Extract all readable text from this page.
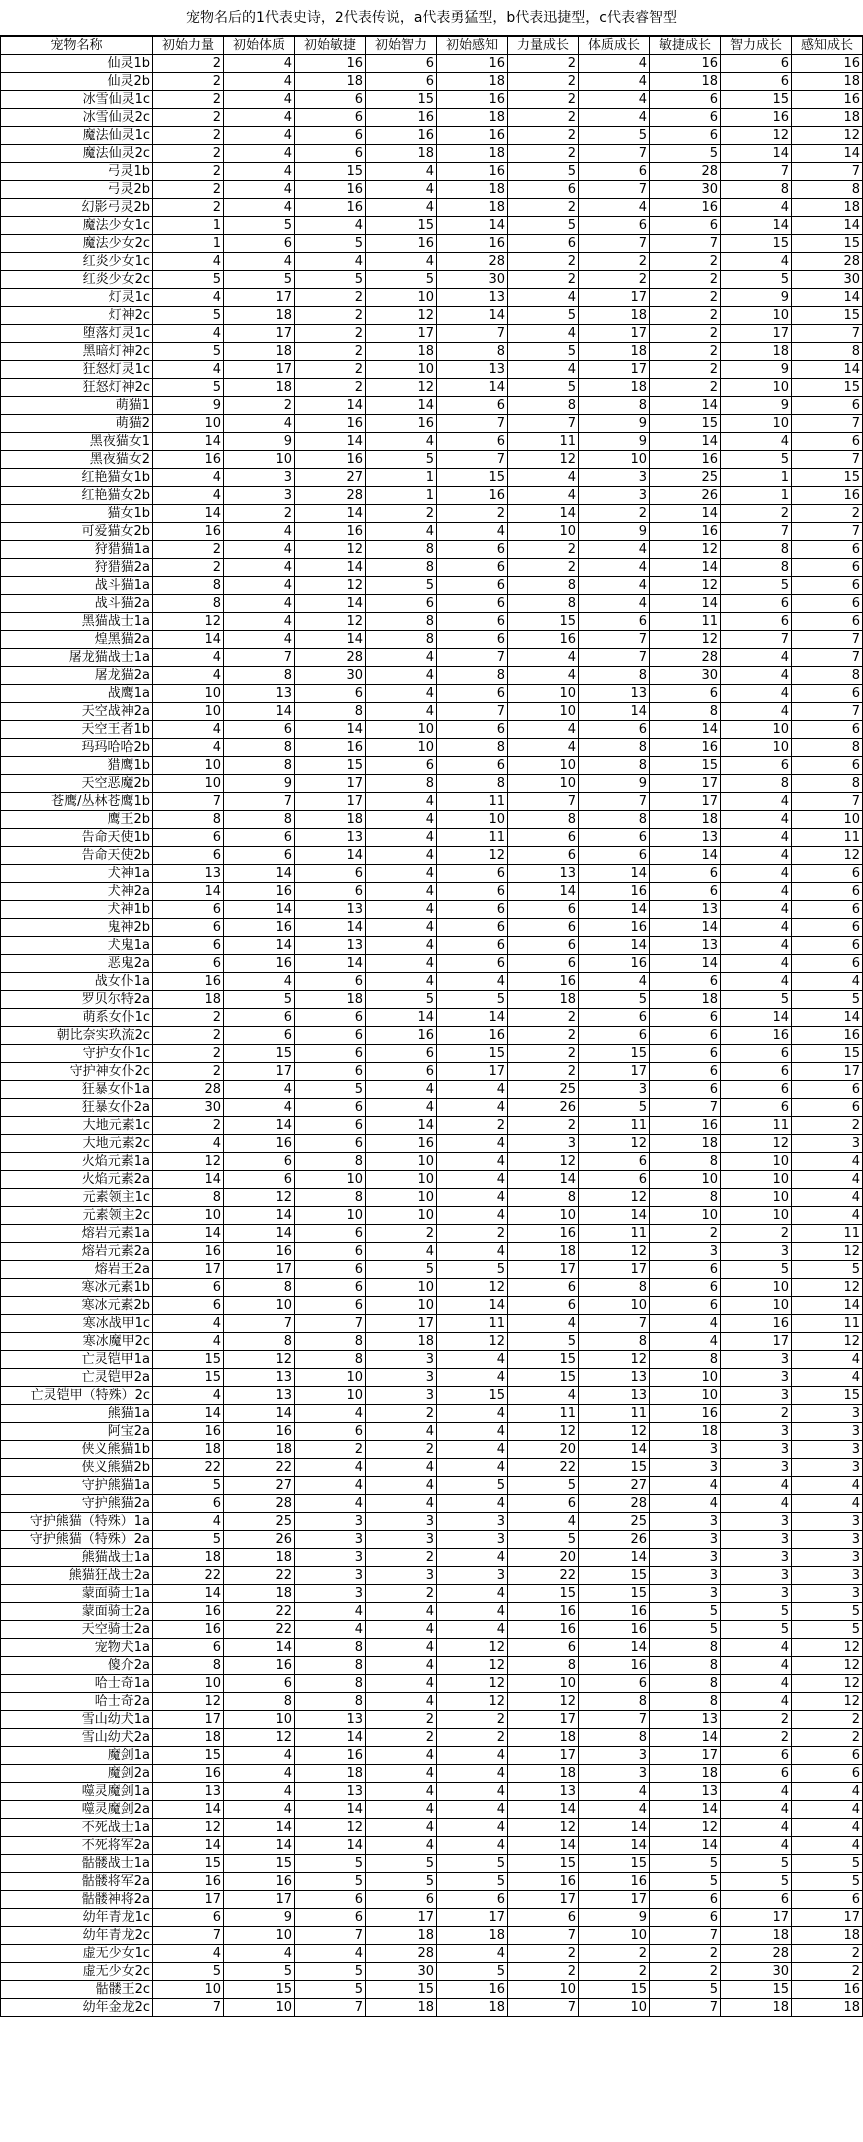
宠物名后的1代表史诗，2代表传说，a代表勇猛型，b代表迅捷型，c代表睿智型
宠物名称	初始力量	初始体质	初始敏捷	初始智力	初始感知	力量成长	体质成长	敏捷成长	智力成长	感知成长
仙灵1b	2	4	16	6	16	2	4	16	6	16
仙灵2b	2	4	18	6	18	2	4	18	6	18
冰雪仙灵1c	2	4	6	15	16	2	4	6	15	16
冰雪仙灵2c	2	4	6	16	18	2	4	6	16	18
魔法仙灵1c	2	4	6	16	16	2	5	6	12	12
魔法仙灵2c	2	4	6	18	18	2	7	5	14	14
弓灵1b	2	4	15	4	16	5	6	28	7	7
弓灵2b	2	4	16	4	18	6	7	30	8	8
幻影弓灵2b	2	4	16	4	18	2	4	16	4	18
魔法少女1c	1	5	4	15	14	5	6	6	14	14
魔法少女2c	1	6	5	16	16	6	7	7	15	15
红炎少女1c	4	4	4	4	28	2	2	2	4	28
红炎少女2c	5	5	5	5	30	2	2	2	5	30
灯灵1c	4	17	2	10	13	4	17	2	9	14
灯神2c	5	18	2	12	14	5	18	2	10	15
堕落灯灵1c	4	17	2	17	7	4	17	2	17	7
黑暗灯神2c	5	18	2	18	8	5	18	2	18	8
狂怒灯灵1c	4	17	2	10	13	4	17	2	9	14
狂怒灯神2c	5	18	2	12	14	5	18	2	10	15
萌猫1	9	2	14	14	6	8	8	14	9	6
萌猫2	10	4	16	16	7	7	9	15	10	7
黑夜猫女1	14	9	14	4	6	11	9	14	4	6
黑夜猫女2	16	10	16	5	7	12	10	16	5	7
红艳猫女1b	4	3	27	1	15	4	3	25	1	15
红艳猫女2b	4	3	28	1	16	4	3	26	1	16
猫女1b	14	2	14	2	2	14	2	14	2	2
可爱猫女2b	16	4	16	4	4	10	9	16	7	7
狩猎猫1a	2	4	12	8	6	2	4	12	8	6
狩猎猫2a	2	4	14	8	6	2	4	14	8	6
战斗猫1a	8	4	12	5	6	8	4	12	5	6
战斗猫2a	8	4	14	6	6	8	4	14	6	6
黑猫战士1a	12	4	12	8	6	15	6	11	6	6
煌黑猫2a	14	4	14	8	6	16	7	12	7	7
屠龙猫战士1a	4	7	28	4	7	4	7	28	4	7
屠龙猫2a	4	8	30	4	8	4	8	30	4	8
战鹰1a	10	13	6	4	6	10	13	6	4	6
天空战神2a	10	14	8	4	7	10	14	8	4	7
天空王者1b	4	6	14	10	6	4	6	14	10	6
玛玛哈哈2b	4	8	16	10	8	4	8	16	10	8
猎鹰1b	10	8	15	6	6	10	8	15	6	6
天空恶魔2b	10	9	17	8	8	10	9	17	8	8
苍鹰/丛林苍鹰1b	7	7	17	4	11	7	7	17	4	7
鹰王2b	8	8	18	4	10	8	8	18	4	10
告命天使1b	6	6	13	4	11	6	6	13	4	11
告命天使2b	6	6	14	4	12	6	6	14	4	12
犬神1a	13	14	6	4	6	13	14	6	4	6
犬神2a	14	16	6	4	6	14	16	6	4	6
犬神1b	6	14	13	4	6	6	14	13	4	6
鬼神2b	6	16	14	4	6	6	16	14	4	6
犬鬼1a	6	14	13	4	6	6	14	13	4	6
恶鬼2a	6	16	14	4	6	6	16	14	4	6
战女仆1a	16	4	6	4	4	16	4	6	4	4
罗贝尔特2a	18	5	18	5	5	18	5	18	5	5
萌系女仆1c	2	6	6	14	14	2	6	6	14	14
朝比奈实玖流2c	2	6	6	16	16	2	6	6	16	16
守护女仆1c	2	15	6	6	15	2	15	6	6	15
守护神女仆2c	2	17	6	6	17	2	17	6	6	17
狂暴女仆1a	28	4	5	4	4	25	3	6	6	6
狂暴女仆2a	30	4	6	4	4	26	5	7	6	6
大地元素1c	2	14	6	14	2	2	11	16	11	2
大地元素2c	4	16	6	16	4	3	12	18	12	3
火焰元素1a	12	6	8	10	4	12	6	8	10	4
火焰元素2a	14	6	10	10	4	14	6	10	10	4
元素领主1c	8	12	8	10	4	8	12	8	10	4
元素领主2c	10	14	10	10	4	10	14	10	10	4
熔岩元素1a	14	14	6	2	2	16	11	2	2	11
熔岩元素2a	16	16	6	4	4	18	12	3	3	12
熔岩王2a	17	17	6	5	5	17	17	6	5	5
寒冰元素1b	6	8	6	10	12	6	8	6	10	12
寒冰元素2b	6	10	6	10	14	6	10	6	10	14
寒冰战甲1c	4	7	7	17	11	4	7	4	16	11
寒冰魔甲2c	4	8	8	18	12	5	8	4	17	12
亡灵铠甲1a	15	12	8	3	4	15	12	8	3	4
亡灵铠甲2a	15	13	10	3	4	15	13	10	3	4
亡灵铠甲（特殊）2c	4	13	10	3	15	4	13	10	3	15
熊猫1a	14	14	4	2	4	11	11	16	2	3
阿宝2a	16	16	6	4	4	12	12	18	3	3
侠义熊猫1b	18	18	2	2	4	20	14	3	3	3
侠义熊猫2b	22	22	4	4	4	22	15	3	3	3
守护熊猫1a	5	27	4	4	5	5	27	4	4	4
守护熊猫2a	6	28	4	4	4	6	28	4	4	4
守护熊猫（特殊）1a	4	25	3	3	3	4	25	3	3	3
守护熊猫（特殊）2a	5	26	3	3	3	5	26	3	3	3
熊猫战士1a	18	18	3	2	4	20	14	3	3	3
熊猫狂战士2a	22	22	3	3	3	22	15	3	3	3
蒙面骑士1a	14	18	3	2	4	15	15	3	3	3
蒙面骑士2a	16	22	4	4	4	16	16	5	5	5
天空骑士2a	16	22	4	4	4	16	16	5	5	5
宠物犬1a	6	14	8	4	12	6	14	8	4	12
傻介2a	8	16	8	4	12	8	16	8	4	12
哈士奇1a	10	6	8	4	12	10	6	8	4	12
哈士奇2a	12	8	8	4	12	12	8	8	4	12
雪山幼犬1a	17	10	13	2	2	17	7	13	2	2
雪山幼犬2a	18	12	14	2	2	18	8	14	2	2
魔剑1a	15	4	16	4	4	17	3	17	6	6
魔剑2a	16	4	18	4	4	18	3	18	6	6
噬灵魔剑1a	13	4	13	4	4	13	4	13	4	4
噬灵魔剑2a	14	4	14	4	4	14	4	14	4	4
不死战士1a	12	14	12	4	4	12	14	12	4	4
不死将军2a	14	14	14	4	4	14	14	14	4	4
骷髅战士1a	15	15	5	5	5	15	15	5	5	5
骷髅将军2a	16	16	5	5	5	16	16	5	5	5
骷髅神将2a	17	17	6	6	6	17	17	6	6	6
幼年青龙1c	6	9	6	17	17	6	9	6	17	17
幼年青龙2c	7	10	7	18	18	7	10	7	18	18
虚无少女1c	4	4	4	28	4	2	2	2	28	2
虚无少女2c	5	5	5	30	5	2	2	2	30	2
骷髅王2c	10	15	5	15	16	10	15	5	15	16
幼年金龙2c	7	10	7	18	18	7	10	7	18	18
